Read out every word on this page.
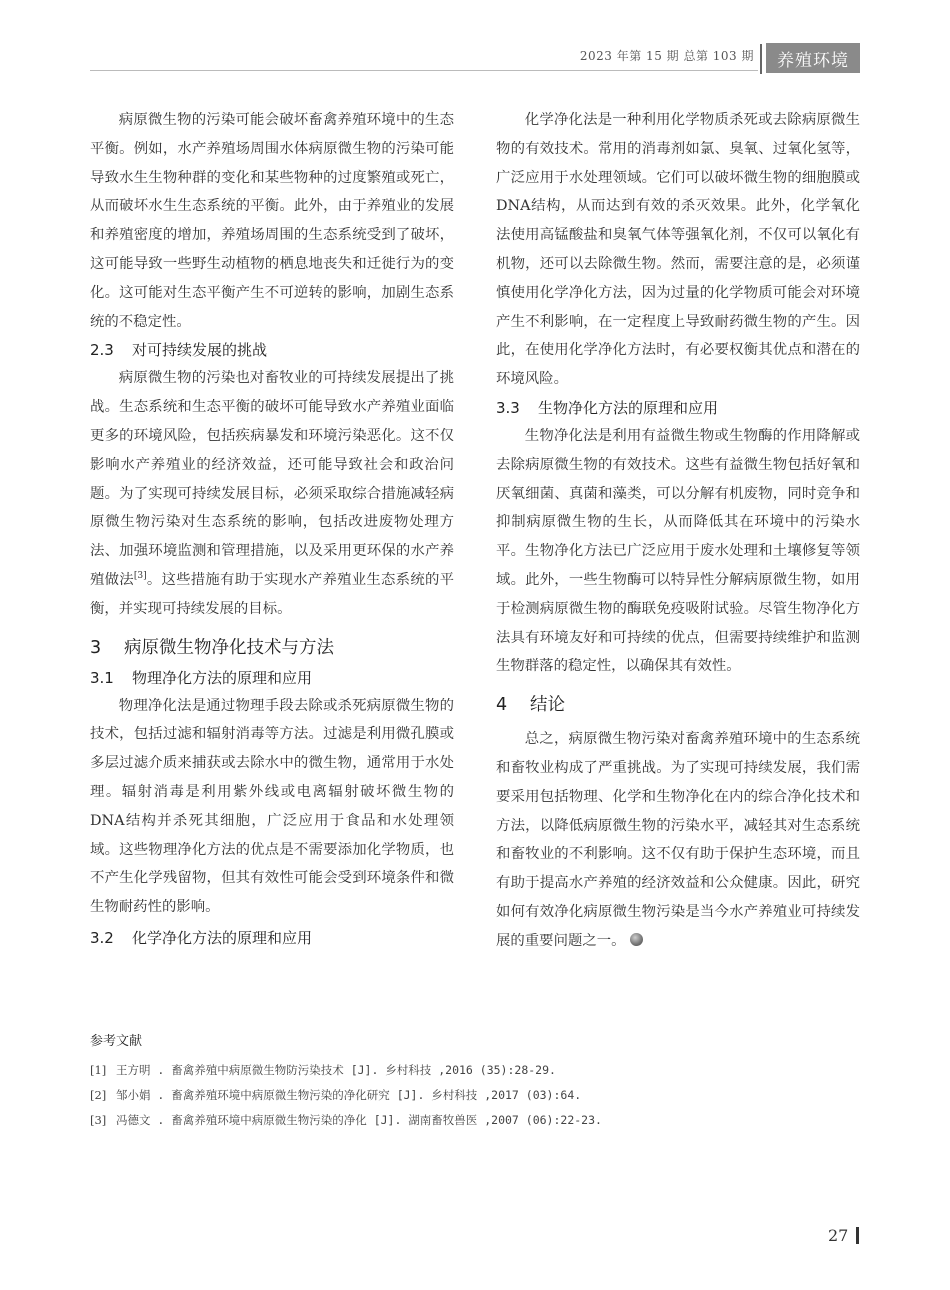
2023 年第 15 期 总第 103 期	养殖环境

病原微生物的污染可能会破坏畜禽养殖环境中的生态平衡。例如，水产养殖场周围水体病原微生物的污染可能导致水生生物种群的变化和某些物种的过度繁殖或死亡，从而破坏水生生态系统的平衡。此外，由于养殖业的发展和养殖密度的增加，养殖场周围的生态系统受到了破坏，这可能导致一些野生动植物的栖息地丧失和迁徙行为的变化。这可能对生态平衡产生不可逆转的影响，加剧生态系统的不稳定性。

2.3 对可持续发展的挑战

病原微生物的污染也对畜牧业的可持续发展提出了挑战。生态系统和生态平衡的破坏可能导致水产养殖业面临更多的环境风险，包括疾病暴发和环境污染恶化。这不仅影响水产养殖业的经济效益，还可能导致社会和政治问题。为了实现可持续发展目标，必须采取综合措施减轻病原微生物污染对生态系统的影响，包括改进废物处理方法、加强环境监测和管理措施，以及采用更环保的水产养殖做法[3]。这些措施有助于实现水产养殖业生态系统的平衡，并实现可持续发展的目标。

3 病原微生物净化技术与方法
3.1 物理净化方法的原理和应用

物理净化法是通过物理手段去除或杀死病原微生物的技术，包括过滤和辐射消毒等方法。过滤是利用微孔膜或多层过滤介质来捕获或去除水中的微生物，通常用于水处理。辐射消毒是利用紫外线或电离辐射破坏微生物的DNA结构并杀死其细胞，广泛应用于食品和水处理领域。这些物理净化方法的优点是不需要添加化学物质，也不产生化学残留物，但其有效性可能会受到环境条件和微生物耐药性的影响。

3.2 化学净化方法的原理和应用

化学净化法是一种利用化学物质杀死或去除病原微生物的有效技术。常用的消毒剂如氯、臭氧、过氧化氢等，广泛应用于水处理领域。它们可以破坏微生物的细胞膜或DNA结构，从而达到有效的杀灭效果。此外，化学氧化法使用高锰酸盐和臭氧气体等强氧化剂，不仅可以氧化有机物，还可以去除微生物。然而，需要注意的是，必须谨慎使用化学净化方法，因为过量的化学物质可能会对环境产生不利影响，在一定程度上导致耐药微生物的产生。因此，在使用化学净化方法时，有必要权衡其优点和潜在的环境风险。

3.3 生物净化方法的原理和应用

生物净化法是利用有益微生物或生物酶的作用降解或去除病原微生物的有效技术。这些有益微生物包括好氧和厌氧细菌、真菌和藻类，可以分解有机废物，同时竞争和抑制病原微生物的生长，从而降低其在环境中的污染水平。生物净化方法已广泛应用于废水处理和土壤修复等领域。此外，一些生物酶可以特异性分解病原微生物，如用于检测病原微生物的酶联免疫吸附试验。尽管生物净化方法具有环境友好和可持续的优点，但需要持续维护和监测生物群落的稳定性，以确保其有效性。

4 结论

总之，病原微生物污染对畜禽养殖环境中的生态系统和畜牧业构成了严重挑战。为了实现可持续发展，我们需要采用包括物理、化学和生物净化在内的综合净化技术和方法，以降低病原微生物的污染水平，减轻其对生态系统和畜牧业的不利影响。这不仅有助于保护生态环境，而且有助于提高水产养殖的经济效益和公众健康。因此，研究如何有效净化病原微生物污染是当今水产养殖业可持续发展的重要问题之一。

参考文献
[1] 王方明 . 畜禽养殖中病原微生物防污染技术 [J]. 乡村科技 ,2016 (35):28-29.
[2] 邹小娟 . 畜禽养殖环境中病原微生物污染的净化研究 [J]. 乡村科技 ,2017 (03):64.
[3] 冯德文 . 畜禽养殖环境中病原微生物污染的净化 [J]. 湖南畜牧兽医 ,2007 (06):22-23.
27
